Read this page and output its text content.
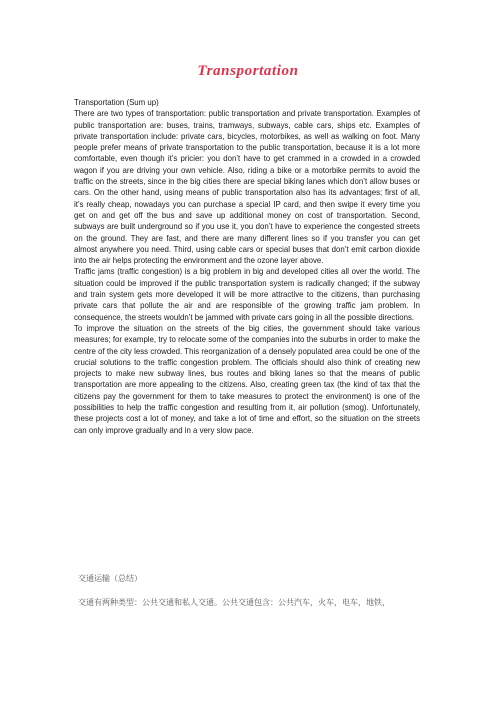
Transportation

Transportation (Sum up)

There are two types of transportation: public transportation and private transportation. Examples of public transportation are: buses, trains, tramways, subways, cable cars, ships etc. Examples of private transportation include: private cars, bicycles, motorbikes, as well as walking on foot. Many people prefer means of private transportation to the public transportation, because it is a lot more comfortable, even though it’s pricier: you don’t have to get crammed in a crowded in a crowded wagon if you are driving your own vehicle. Also, riding a bike or a motorbike permits to avoid the traffic on the streets, since in the big cities there are special biking lanes which don’t allow buses or cars. On the other hand, using means of public transportation also has its advantages; first of all, it’s really cheap, nowadays you can purchase a special IP card, and then swipe it every time you get on and get off the bus and save up additional money on cost of transportation. Second, subways are built underground so if you use it, you don’t have to experience the congested streets on the ground. They are fast, and there are many different lines so if you transfer you can get almost anywhere you need. Third, using cable cars or special buses that don’t emit carbon dioxide into the air helps protecting the environment and the ozone layer above.

Traffic jams (traffic congestion) is a big problem in big and developed cities all over the world. The situation could be improved if the public transportation system is radically changed; if the subway and train system gets more developed it will be more attractive to the citizens, than purchasing private cars that pollute the air and are responsible of the growing traffic jam problem. In consequence, the streets wouldn’t be jammed with private cars going in all the possible directions.

To improve the situation on the streets of the big cities, the government should take various measures; for example, try to relocate some of the companies into the suburbs in order to make the centre of the city less crowded. This reorganization of a densely populated area could be one of the crucial solutions to the traffic congestion problem. The officials should also think of creating new projects to make new subway lines, bus routes and biking lanes so that the means of public transportation are more appealing to the citizens. Also, creating green tax (the kind of tax that the citizens pay the government for them to take measures to protect the environment) is one of the possibilities to help the traffic congestion and resulting from it, air pollution (smog). Unfortunately, these projects cost a lot of money, and take a lot of time and effort, so the situation on the streets can only improve gradually and in a very slow pace.

交通运输（总结）
交通有两种类型：公共交通和私人交通。公共交通包含：公共汽车，火车，电车，地铁，
